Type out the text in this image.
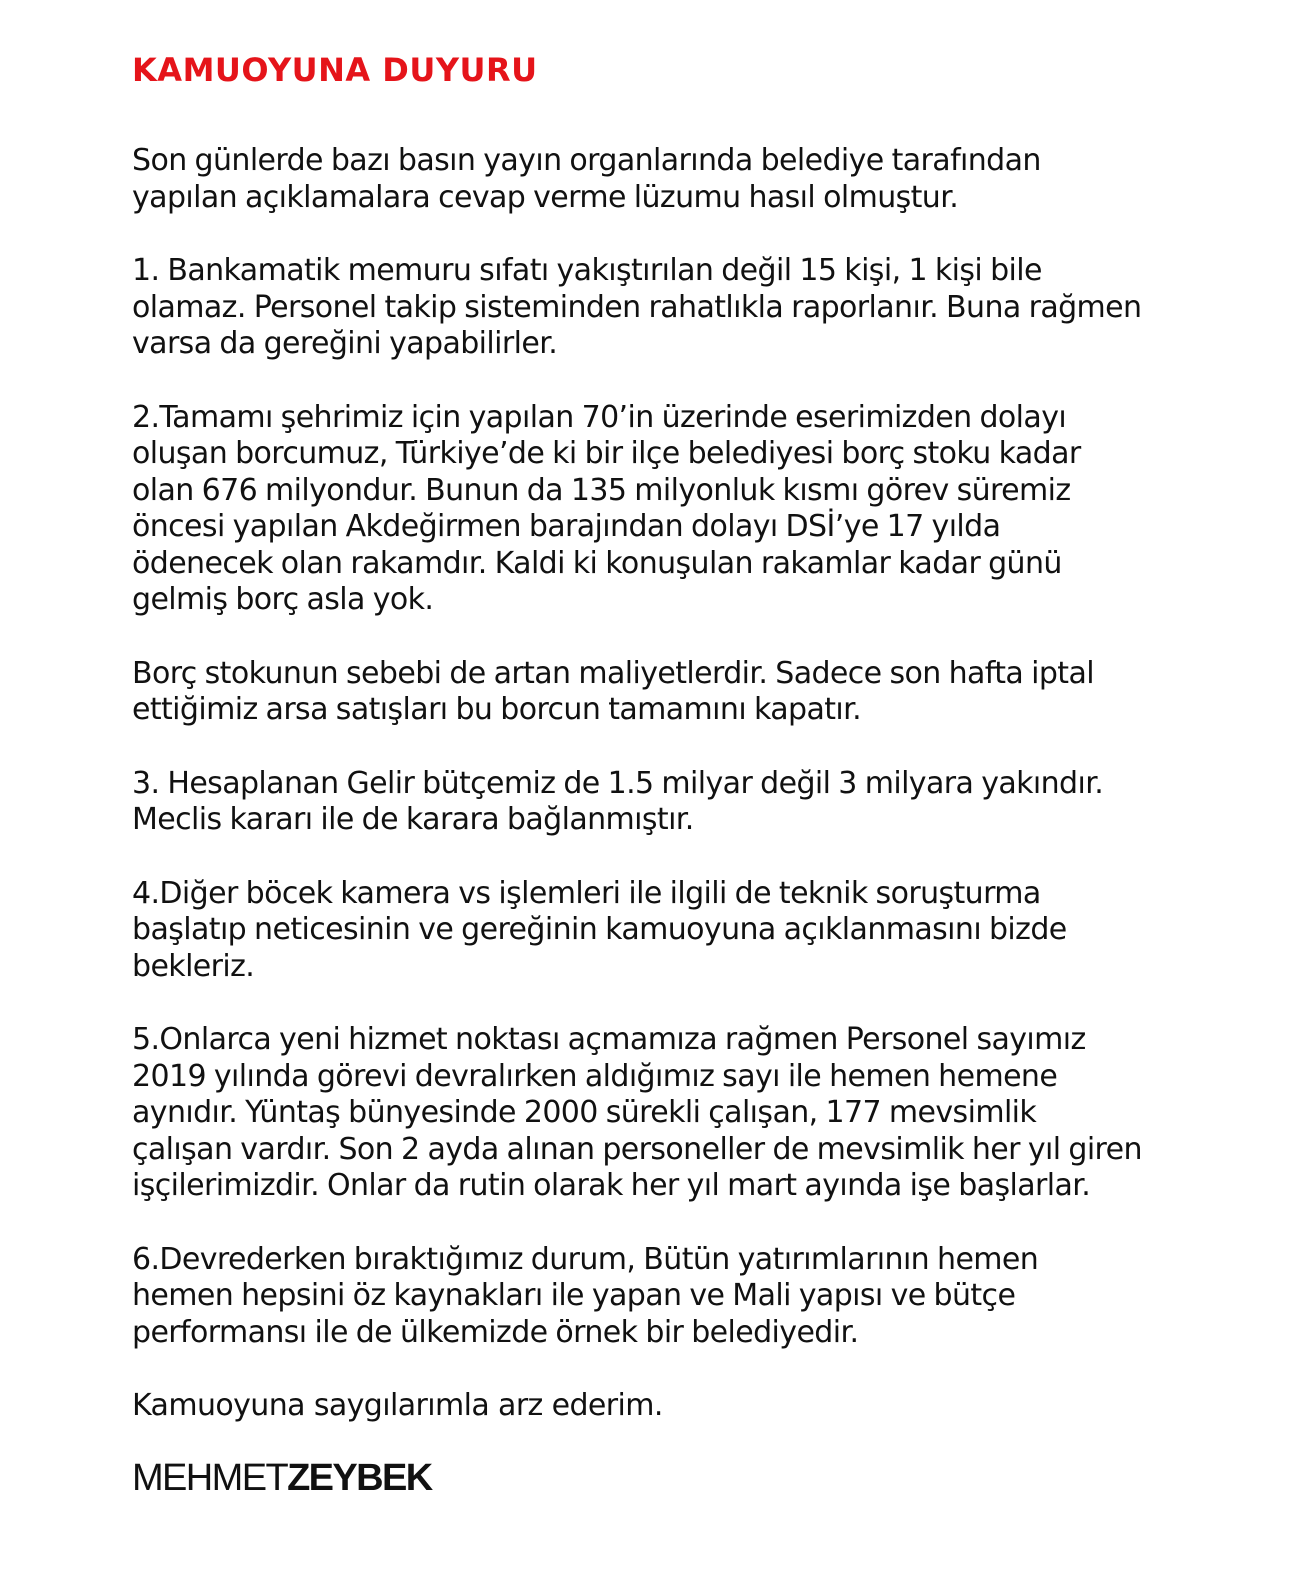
KAMUOYUNA DUYURU

Son günlerde bazı basın yayın organlarında belediye tarafından yapılan açıklamalara cevap verme lüzumu hasıl olmuştur.

1. Bankamatik memuru sıfatı yakıştırılan değil 15 kişi, 1 kişi bile olamaz. Personel takip sisteminden rahatlıkla raporlanır. Buna rağmen varsa da gereğini yapabilirler.

2.Tamamı şehrimiz için yapılan 70’in üzerinde eserimizden dolayı oluşan borcumuz, Türkiye’de ki bir ilçe belediyesi borç stoku kadar olan 676 milyondur. Bunun da 135 milyonluk kısmı görev süremiz öncesi yapılan Akdeğirmen barajından dolayı DSİ’ye 17 yılda ödenecek olan rakamdır. Kaldi ki konuşulan rakamlar kadar günü gelmiş borç asla yok.

Borç stokunun sebebi de artan maliyetlerdir. Sadece son hafta iptal ettiğimiz arsa satışları bu borcun tamamını kapatır.

3. Hesaplanan Gelir bütçemiz de 1.5 milyar değil 3 milyara yakındır. Meclis kararı ile de karara bağlanmıştır.

4.Diğer böcek kamera vs işlemleri ile ilgili de teknik soruşturma başlatıp neticesinin ve gereğinin kamuoyuna açıklanmasını bizde bekleriz.

5.Onlarca yeni hizmet noktası açmamıza rağmen Personel sayımız 2019 yılında görevi devralırken aldığımız sayı ile hemen hemene aynıdır. Yüntaş bünyesinde 2000 sürekli çalışan, 177 mevsimlik çalışan vardır. Son 2 ayda alınan personeller de mevsimlik her yıl giren işçilerimizdir. Onlar da rutin olarak her yıl mart ayında işe başlarlar.

6.Devrederken bıraktığımız durum, Bütün yatırımlarının hemen hemen hepsini öz kaynakları ile yapan ve Mali yapısı ve bütçe performansı ile de ülkemizde örnek bir belediyedir.

Kamuoyuna saygılarımla arz ederim.

MEHMETZEYBEK
